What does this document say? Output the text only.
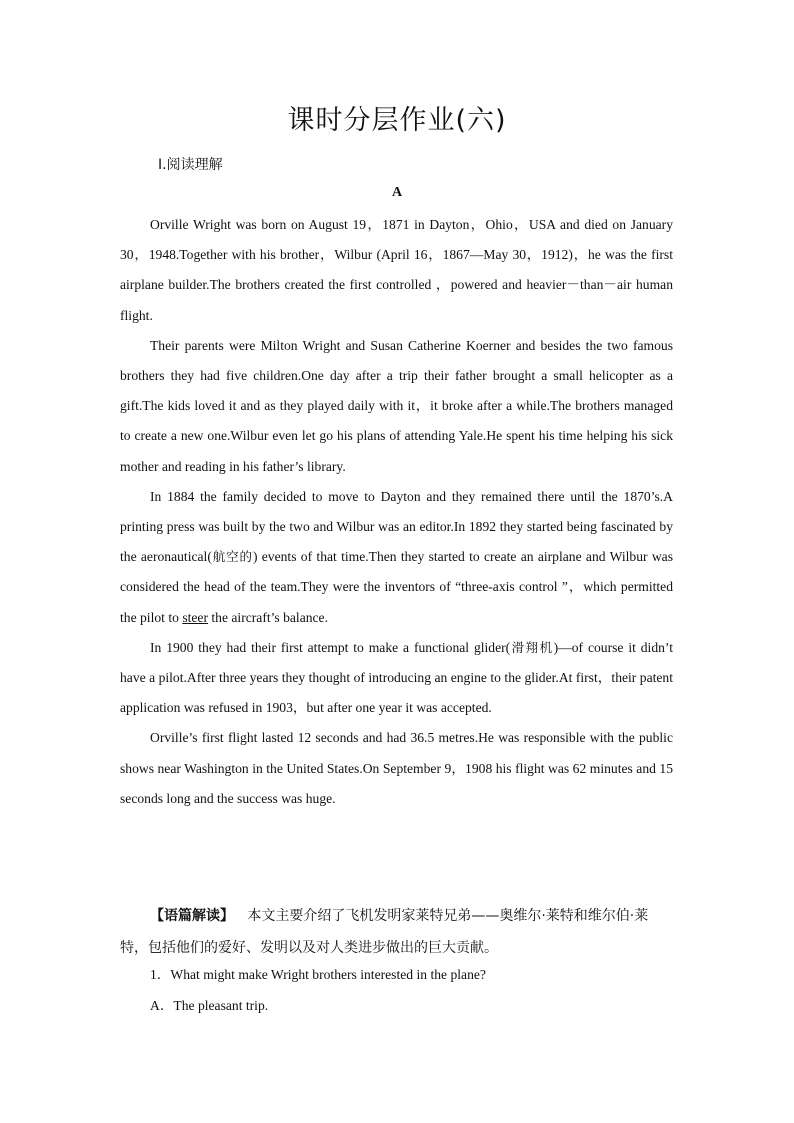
课时分层作业(六)
Ⅰ.阅读理解
A

Orville Wright was born on August 19，1871 in Dayton，Ohio，USA and died on January 30，1948.Together with his brother，Wilbur (April 16，1867—May 30，1912)，he was the first airplane builder.The brothers created the first controlled ，powered and heavier－than－air human flight.

Their parents were Milton Wright and Susan Catherine Koerner and besides the two famous brothers they had five children.One day after a trip their father brought a small helicopter as a gift.The kids loved it and as they played daily with it，it broke after a while.The brothers managed to create a new one.Wilbur even let go his plans of attending Yale.He spent his time helping his sick mother and reading in his father’s library.

In 1884 the family decided to move to Dayton and they remained there until the 1870’s.A printing press was built by the two and Wilbur was an editor.In 1892 they started being fascinated by the aeronautical(航空的) events of that time.Then they started to create an airplane and Wilbur was considered the head of the team.They were the inventors of “three-axis control ”，which permitted the pilot to steer the aircraft’s balance.

In 1900 they had their first attempt to make a functional glider(滑翔机)—of course it didn’t have a pilot.After three years they thought of introducing an engine to the glider.At first，their patent application was refused in 1903，but after one year it was accepted.

Orville’s first flight lasted 12 seconds and had 36.5 metres.He was responsible with the public shows near Washington in the United States.On September 9，1908 his flight was 62 minutes and 15 seconds long and the success was huge.

【语篇解读】 本文主要介绍了飞机发明家莱特兄弟——奥维尔·莱特和维尔伯·莱特，包括他们的爱好、发明以及对人类进步做出的巨大贡献。
1．What might make Wright brothers interested in the plane?
A．The pleasant trip.
